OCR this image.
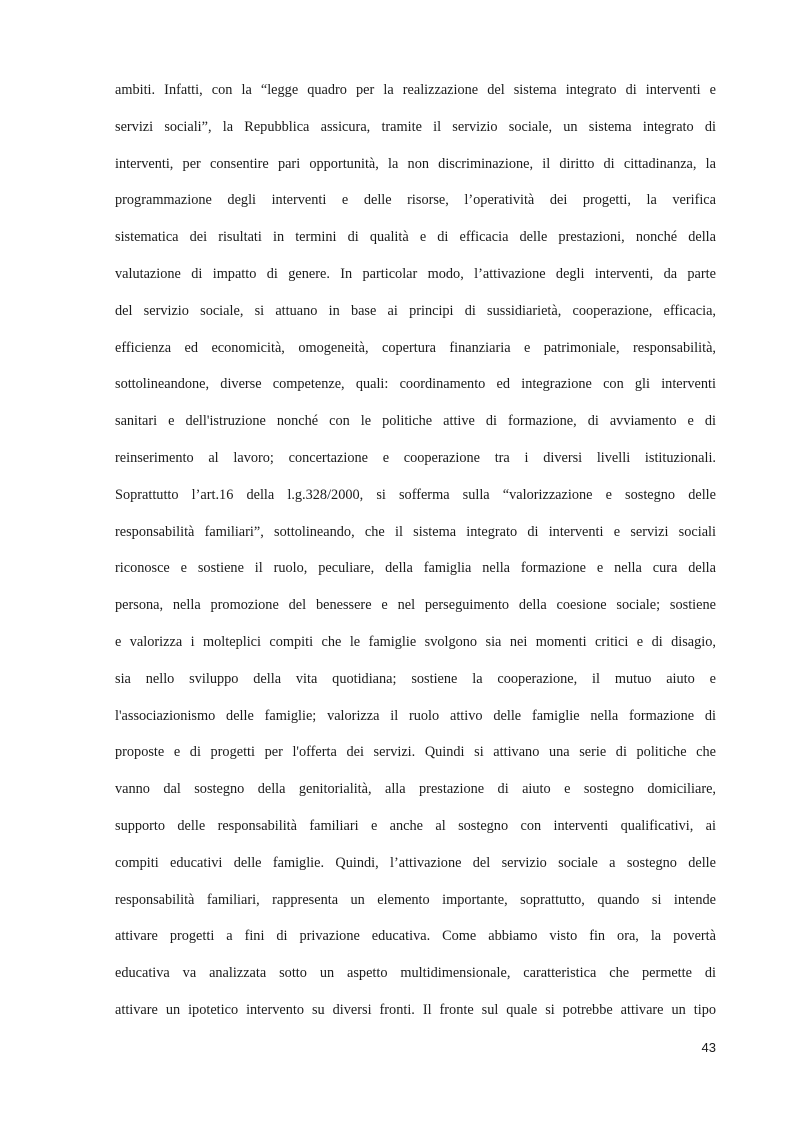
ambiti. Infatti, con la “legge quadro per la realizzazione del sistema integrato di interventi e
servizi sociali”, la Repubblica assicura, tramite il servizio sociale, un sistema integrato di
interventi, per consentire pari opportunità, la non discriminazione, il diritto di cittadinanza, la
programmazione degli interventi e delle risorse, l’operatività dei progetti, la verifica
sistematica dei risultati in termini di qualità e di efficacia delle prestazioni, nonché della
valutazione di impatto di genere. In particolar modo, l’attivazione degli interventi, da parte
del servizio sociale, si attuano in base ai principi di sussidiarietà, cooperazione, efficacia,
efficienza ed economicità, omogeneità, copertura finanziaria e patrimoniale, responsabilità,
sottolineandone, diverse competenze, quali: coordinamento ed integrazione con gli interventi
sanitari e dell'istruzione nonché con le politiche attive di formazione, di avviamento e di
reinserimento al lavoro; concertazione e cooperazione tra i diversi livelli istituzionali.
Soprattutto l’art.16 della l.g.328/2000, si sofferma sulla “valorizzazione e sostegno delle
responsabilità familiari”, sottolineando, che il sistema integrato di interventi e servizi sociali
riconosce e sostiene il ruolo, peculiare, della famiglia nella formazione e nella cura della
persona, nella promozione del benessere e nel perseguimento della coesione sociale; sostiene
e valorizza i molteplici compiti che le famiglie svolgono sia nei momenti critici e di disagio,
sia nello sviluppo della vita quotidiana; sostiene la cooperazione, il mutuo aiuto e
l'associazionismo delle famiglie; valorizza il ruolo attivo delle famiglie nella formazione di
proposte e di progetti per l'offerta dei servizi. Quindi si attivano una serie di politiche che
vanno dal sostegno della genitorialità, alla prestazione di aiuto e sostegno domiciliare,
supporto delle responsabilità familiari e anche al sostegno con interventi qualificativi, ai
compiti educativi delle famiglie. Quindi, l’attivazione del servizio sociale a sostegno delle
responsabilità familiari, rappresenta un elemento importante, soprattutto, quando si intende
attivare progetti a fini di privazione educativa. Come abbiamo visto fin ora, la povertà
educativa va analizzata sotto un aspetto multidimensionale, caratteristica che permette di
attivare un ipotetico intervento su diversi fronti. Il fronte sul quale si potrebbe attivare un tipo
43
